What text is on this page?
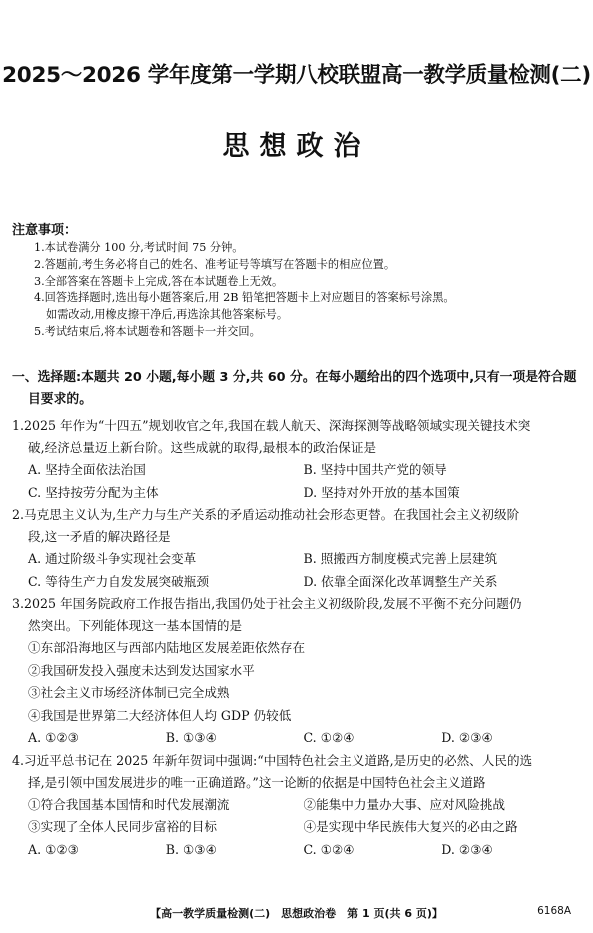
2025～2026 学年度第一学期八校联盟高一教学质量检测(二)
思想政治
注意事项：
1.本试卷满分 100 分,考试时间 75 分钟。
2.答题前,考生务必将自己的姓名、准考证号等填写在答题卡的相应位置。
3.全部答案在答题卡上完成,答在本试题卷上无效。
4.回答选择题时,选出每小题答案后,用 2B 铅笔把答题卡上对应题目的答案标号涂黑。
如需改动,用橡皮擦干净后,再选涂其他答案标号。
5.考试结束后,将本试题卷和答题卡一并交回。
一、选择题:本题共 20 小题,每小题 3 分,共 60 分。在每小题给出的四个选项中,只有一项是符合题目要求的。
1.2025 年作为“十四五”规划收官之年,我国在载人航天、深海探测等战略领域实现关键技术突
破,经济总量迈上新台阶。这些成就的取得,最根本的政治保证是
A. 坚持全面依法治国	B. 坚持中国共产党的领导
C. 坚持按劳分配为主体	D. 坚持对外开放的基本国策
2.马克思主义认为,生产力与生产关系的矛盾运动推动社会形态更替。在我国社会主义初级阶
段,这一矛盾的解决路径是
A. 通过阶级斗争实现社会变革	B. 照搬西方制度模式完善上层建筑
C. 等待生产力自发发展突破瓶颈	D. 依靠全面深化改革调整生产关系
3.2025 年国务院政府工作报告指出,我国仍处于社会主义初级阶段,发展不平衡不充分问题仍
然突出。下列能体现这一基本国情的是
①东部沿海地区与西部内陆地区发展差距依然存在
②我国研发投入强度未达到发达国家水平
③社会主义市场经济体制已完全成熟
④我国是世界第二大经济体但人均 GDP 仍较低
A. ①②③	B. ①③④	C. ①②④	D. ②③④
4.习近平总书记在 2025 年新年贺词中强调:“中国特色社会主义道路,是历史的必然、人民的选
择,是引领中国发展进步的唯一正确道路。”这一论断的依据是中国特色社会主义道路
①符合我国基本国情和时代发展潮流	②能集中力量办大事、应对风险挑战
③实现了全体人民同步富裕的目标	④是实现中华民族伟大复兴的必由之路
A. ①②③	B. ①③④	C. ①②④	D. ②③④
【高一教学质量检测(二)　思想政治卷　第 1 页(共 6 页)】	6168A
